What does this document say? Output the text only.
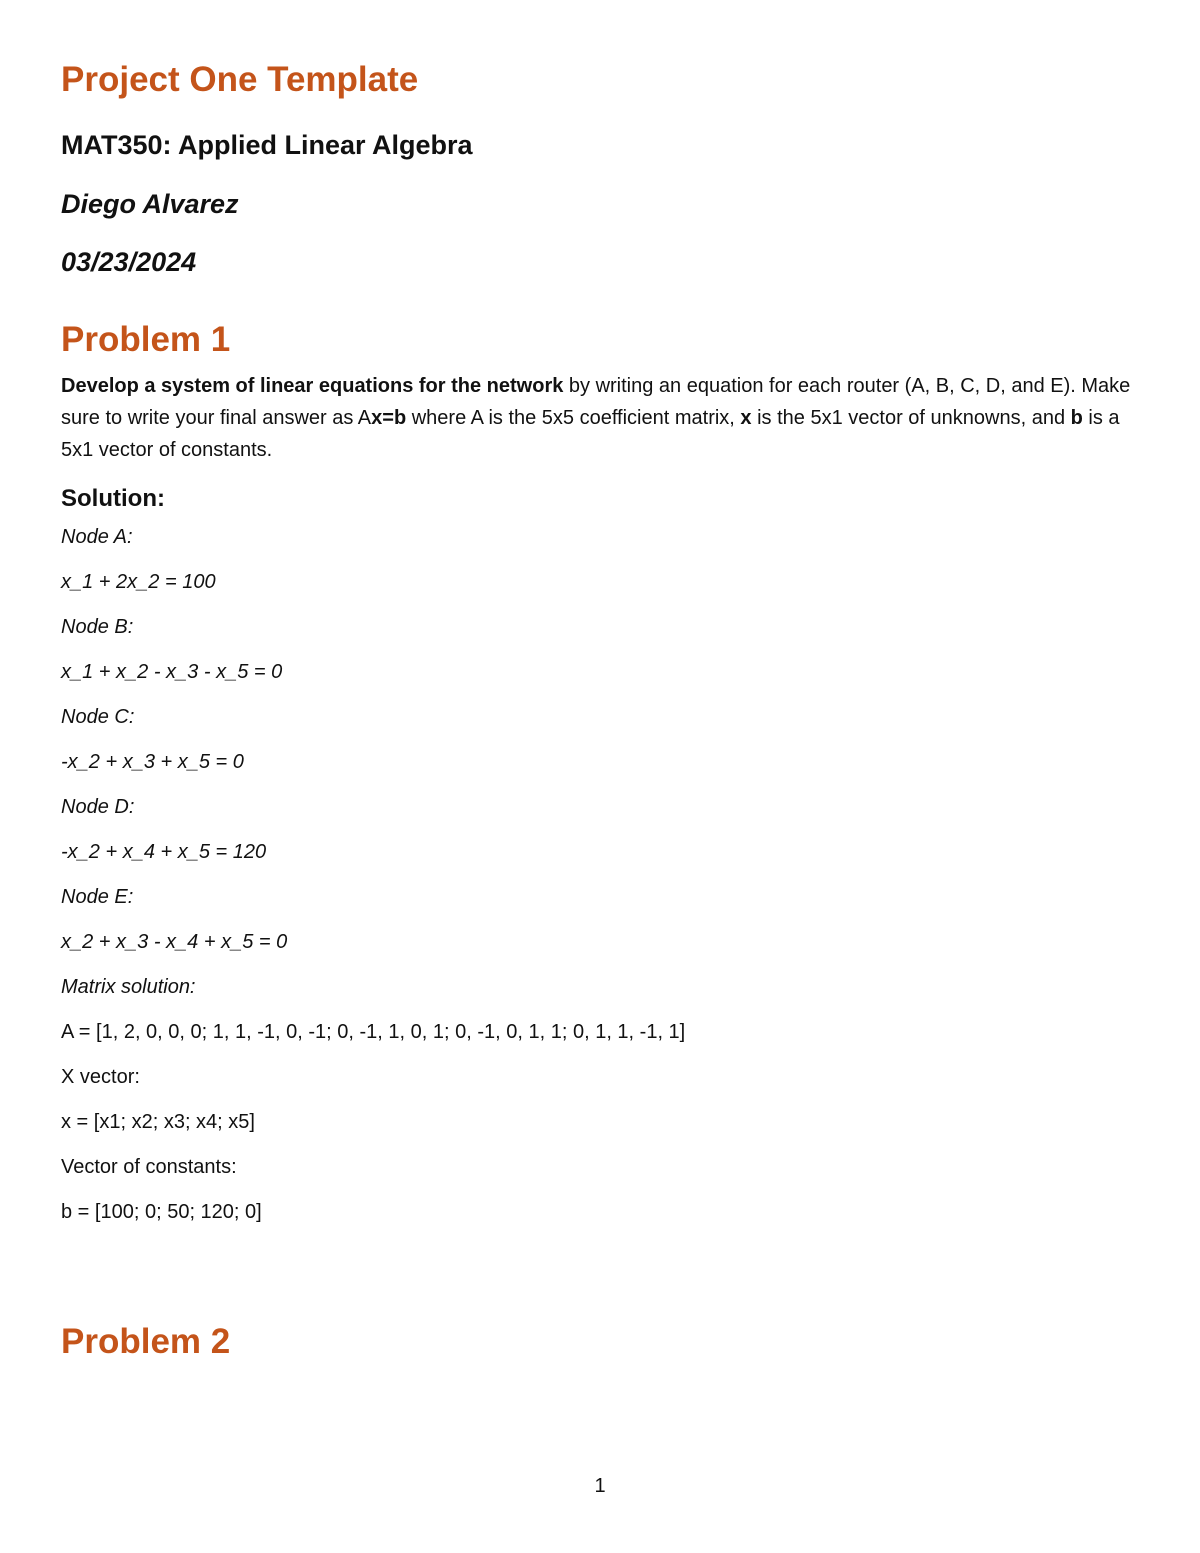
Project One Template
MAT350: Applied Linear Algebra
Diego Alvarez
03/23/2024
Problem 1
Develop a system of linear equations for the network by writing an equation for each router (A, B, C, D, and E). Make sure to write your final answer as Ax=b where A is the 5x5 coefficient matrix, x is the 5x1 vector of unknowns, and b is a 5x1 vector of constants.
Solution:
Node A:
x_1 + 2x_2 = 100
Node B:
x_1 + x_2 - x_3 - x_5 = 0
Node C:
-x_2 + x_3 + x_5 = 0
Node D:
-x_2 + x_4 + x_5 = 120
Node E:
x_2 + x_3 - x_4 + x_5 = 0
Matrix solution:
A = [1, 2, 0, 0, 0; 1, 1, -1, 0, -1; 0, -1, 1, 0, 1; 0, -1, 0, 1, 1; 0, 1, 1, -1, 1]
X vector:
x = [x1; x2; x3; x4; x5]
Vector of constants:
b = [100; 0; 50; 120; 0]
Problem 2
1
